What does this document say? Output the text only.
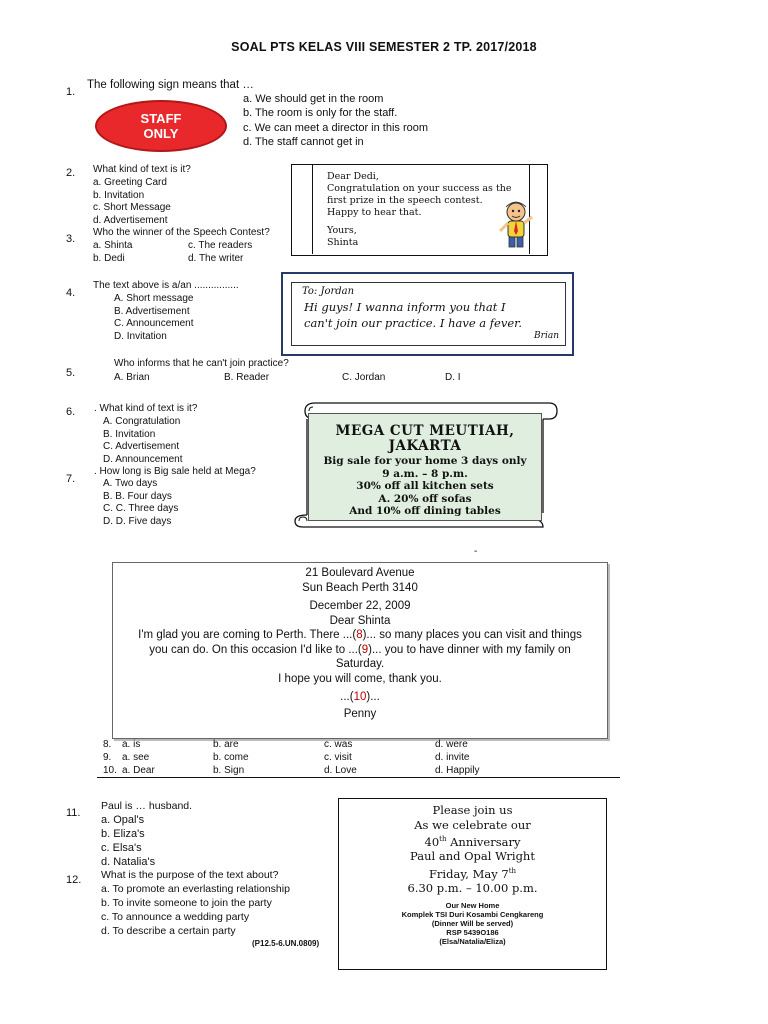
SOAL PTS KELAS VIII SEMESTER 2 TP. 2017/2018
1.
The following sign means that …
STAFF
ONLY
a. We should get in the room
b. The room is only for the staff.
c. We can meet a director in this room
d. The staff cannot get in
2. What kind of text is it?
a. Greeting Card
b. Invitation
c. Short Message
d. Advertisement
Dear Dedi,
Congratulation on your success as the
first prize in the speech contest.
Happy to hear that.
Yours,
Shinta
3.
Who the winner of the Speech Contest?
a. Shinta	c. The readers
b. Dedi	d. The writer
4.
The text above is a/an ................
A. Short message
B. Advertisement
C. Announcement
D. Invitation
To: Jordan
Hi guys! I wanna inform you that I
can't join our practice. I have a fever.
Brian
5.
Who informs that he can't join practice?
A. Brian	B. Reader	C. Jordan	D. I
6. . What kind of text is it?
A. Congratulation
B. Invitation
C. Advertisement
D. Announcement
7.
. How long is Big sale held at Mega?
A. Two days
B. B. Four days
C. C. Three days
D. D. Five days
MEGA CUT MEUTIAH,
JAKARTA
Big sale for your home 3 days only
9 a.m. – 8 p.m.
30% off all kitchen sets
A. 20% off sofas
And 10% off dining tables
-
21 Boulevard Avenue
Sun Beach Perth 3140
December 22, 2009
Dear Shinta
I'm glad you are coming to Perth. There ...(8)... so many places you can visit and things
you can do. On this occasion I'd like to ...(9)... you to have dinner with my family on
Saturday.
I hope you will come, thank you.
...(10)...
Penny
8. a. is	b. are	c. was	d. were
9. a. see	b. come	c. visit	d. invite
10. a. Dear	b. Sign	d. Love	d. Happily
11.
Paul is … husband.
a. Opal's
b. Eliza's
c. Elsa's
d. Natalia's
12. What is the purpose of the text about?
a. To promote an everlasting relationship
b. To invite someone to join the party
c. To announce a wedding party
d. To describe a certain party
(P12.5-6.UN.0809)
Please join us
As we celebrate our
40th Anniversary
Paul and Opal Wright
Friday, May 7th
6.30 p.m. – 10.00 p.m.
Our New Home
Komplek TSI Duri Kosambi Cengkareng
(Dinner Will be served)
RSP 5439O186
(Elsa/Natalia/Eliza)
